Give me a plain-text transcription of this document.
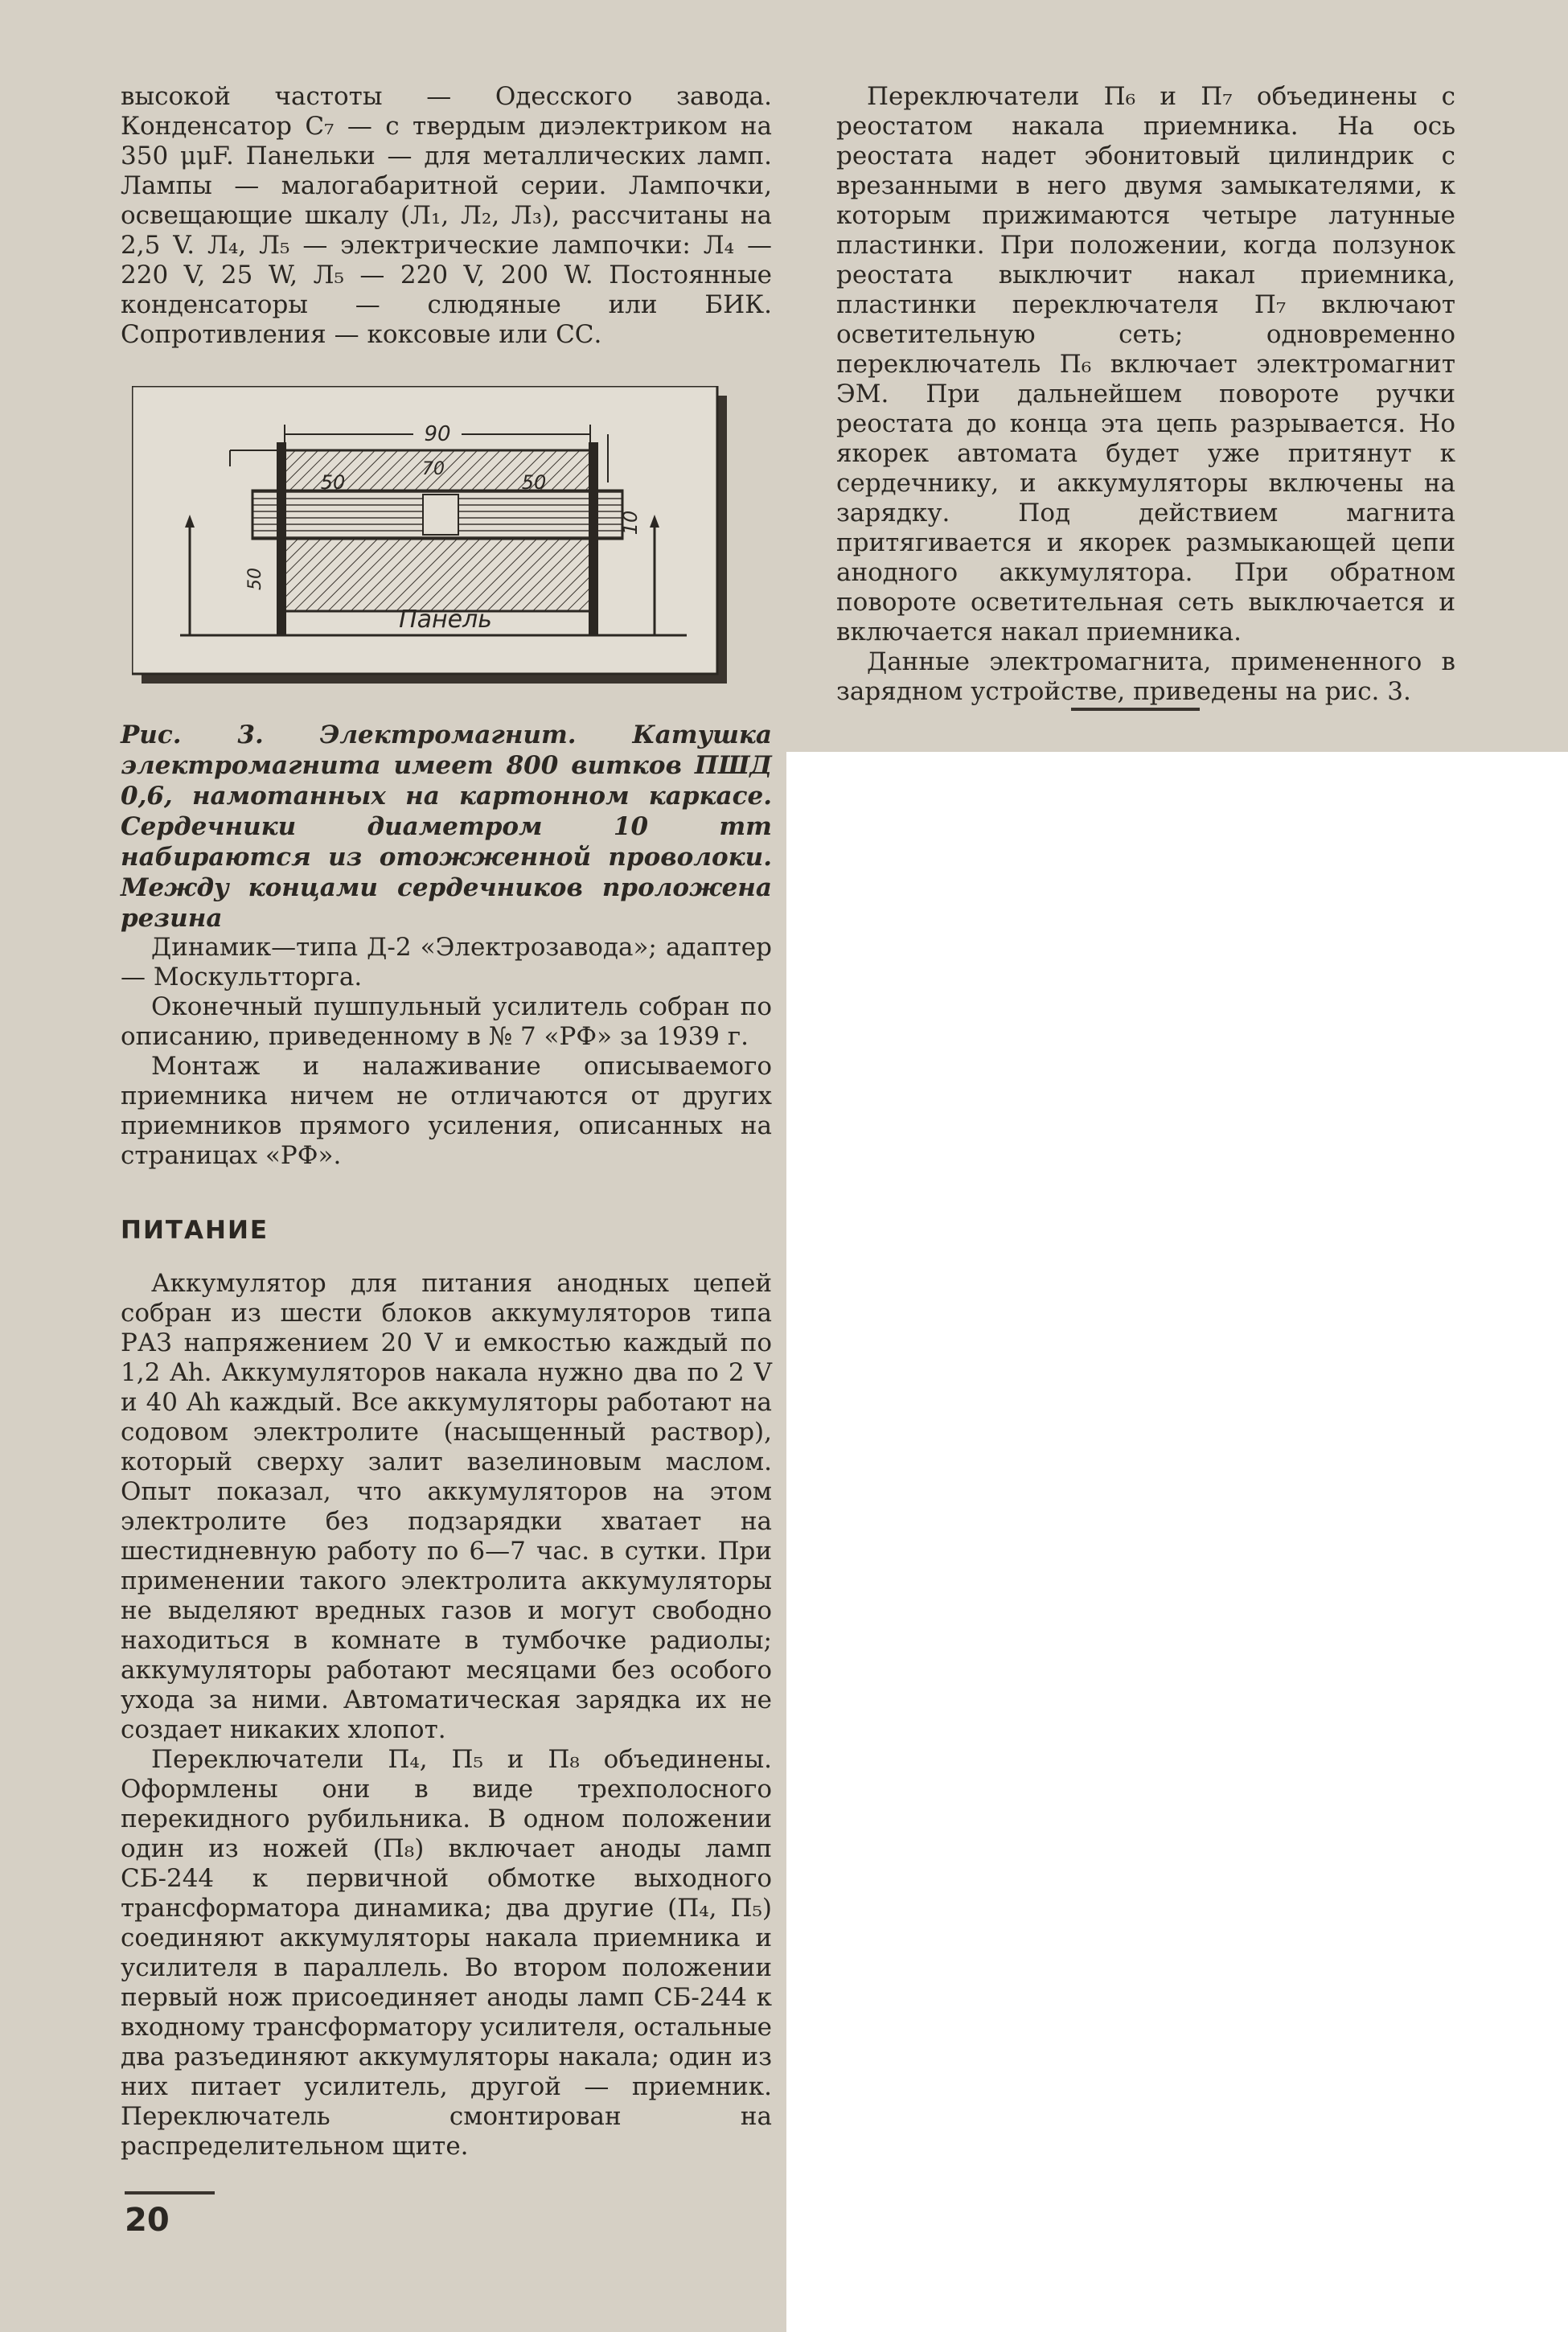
высокой частоты — Одесского завода. Конденсатор C₇ — с твердым диэлектриком на 350 μμF. Панельки — для металлических ламп. Лампы — малогабаритной серии. Лампочки, освещающие шкалу (Л₁, Л₂, Л₃), рассчитаны на 2,5 V. Л₄, Л₅ — электрические лампочки: Л₄ — 220 V, 25 W, Л₅ — 220 V, 200 W. Постоянные конденсаторы — слюдяные или БИК. Сопротивления — коксовые или СС.

90
70
50	50
10
50
Панель
Рис. 3. Электромагнит. Катушка электромагнита имеет 800 витков ПШД 0,6, намотанных на картонном каркасе. Сердечники диаметром 10 mm набираются из отожженной проволоки. Между концами сердечников проложена резина

Динамик—типа Д-2 «Электрозавода»; адаптер — Москультторга.

Оконечный пушпульный усилитель собран по описанию, приведенному в № 7 «РФ» за 1939 г.

Монтаж и налаживание описываемого приемника ничем не отличаются от других приемников прямого усиления, описанных на страницах «РФ».

ПИТАНИЕ

Аккумулятор для питания анодных цепей собран из шести блоков аккумуляторов типа РАЗ напряжением 20 V и емкостью каждый по 1,2 Ah. Аккумуляторов накала нужно два по 2 V и 40 Ah каждый. Все аккумуляторы работают на содовом электролите (насыщенный раствор), который сверху залит вазелиновым маслом. Опыт показал, что аккумуляторов на этом электролите без подзарядки хватает на шестидневную работу по 6—7 час. в сутки. При применении такого электролита аккумуляторы не выделяют вредных газов и могут свободно находиться в комнате в тумбочке радиолы; аккумуляторы работают месяцами без особого ухода за ними. Автоматическая зарядка их не создает никаких хлопот.

Переключатели П₄, П₅ и П₈ объединены. Оформлены они в виде трехполосного перекидного рубильника. В одном положении один из ножей (П₈) включает аноды ламп СБ-244 к первичной обмотке выходного трансформатора динамика; два другие (П₄, П₅) соединяют аккумуляторы накала приемника и усилителя в параллель. Во втором положении первый нож присоединяет аноды ламп СБ-244 к входному трансформатору усилителя, остальные два разъединяют аккумуляторы накала; один из них питает усилитель, другой — приемник. Переключатель смонтирован на распределительном щите.

Переключатели П₆ и П₇ объединены с реостатом накала приемника. На ось реостата надет эбонитовый цилиндрик с врезанными в него двумя замыкателями, к которым прижимаются четыре латунные пластинки. При положении, когда ползунок реостата выключит накал приемника, пластинки переключателя П₇ включают осветительную сеть; одновременно переключатель П₆ включает электромагнит ЭМ. При дальнейшем повороте ручки реостата до конца эта цепь разрывается. Но якорек автомата будет уже притянут к сердечнику, и аккумуляторы включены на зарядку. Под действием магнита притягивается и якорек размыкающей цепи анодного аккумулятора. При обратном повороте осветительная сеть выключается и включается накал приемника.

Данные электромагнита, примененного в зарядном устройстве, приведены на рис. 3.

20
